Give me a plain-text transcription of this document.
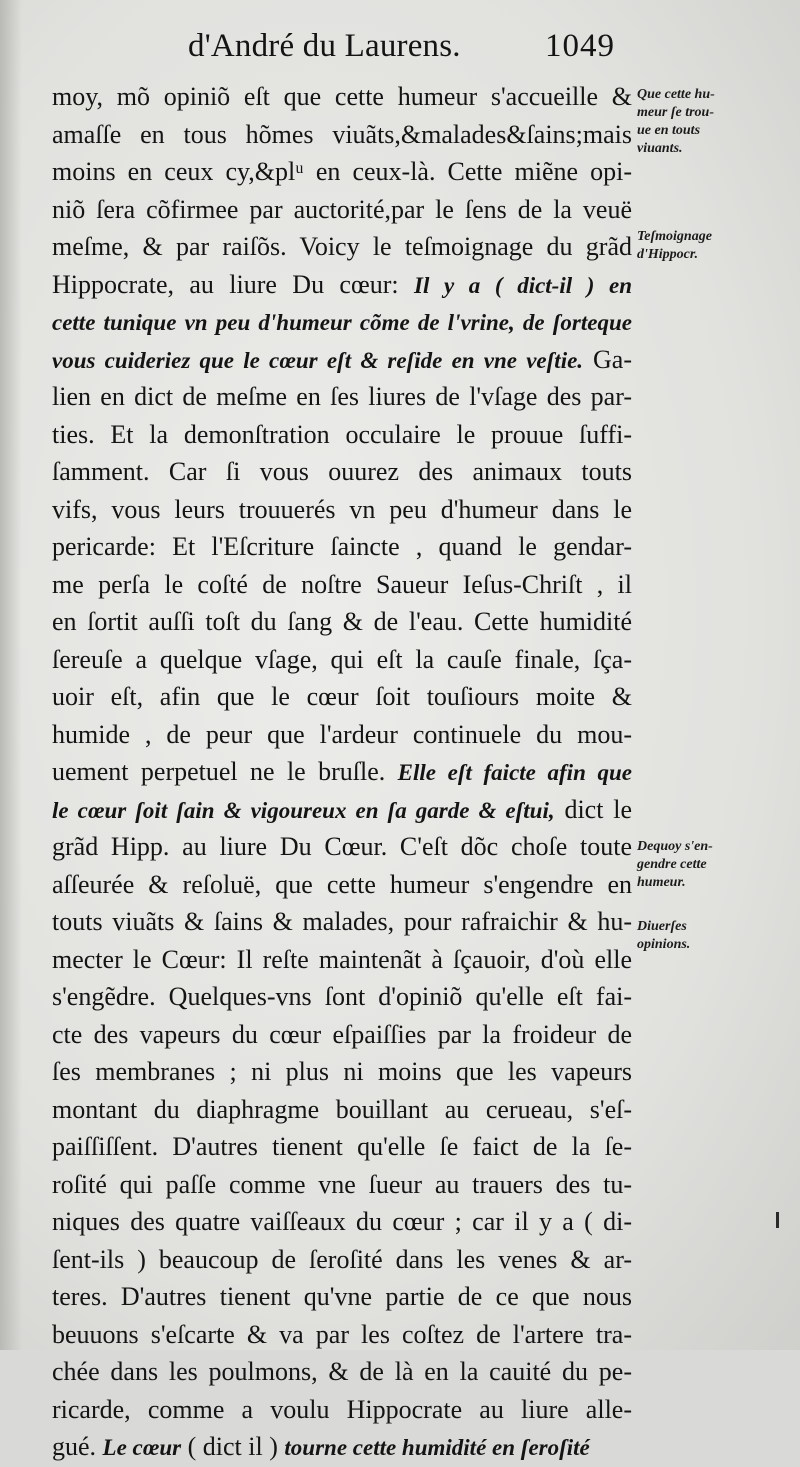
d'André du Laurens.	1049
moy, mõ opiniõ eſt que cette humeur s'accueille &
amaſſe en tous hõmes viuãts,&malades&ſains;mais
moins en ceux cy,&plᵘ en ceux-là. Cette miẽne opi-
niõ ſera cõfirmee par auctorité,par le ſens de la veuë
meſme, & par raiſõs. Voicy le teſmoignage du grãd
Hippocrate, au liure Du cœur: Il y a ( dict-il ) en
cette tunique vn peu d'humeur cõme de l'vrine, de ſorteque
vous cuideriez que le cœur eſt & reſide en vne veſtie. Ga-
lien en dict de meſme en ſes liures de l'vſage des par-
ties. Et la demonſtration occulaire le prouue ſuffi-
ſamment. Car ſi vous ouurez des animaux touts
vifs, vous leurs trouuerés vn peu d'humeur dans le
pericarde: Et l'Eſcriture ſaincte , quand le gendar-
me perſa le coſté de noſtre Saueur Ieſus-Chriſt , il
en ſortit auſſi toſt du ſang & de l'eau. Cette humidité
ſereuſe a quelque vſage, qui eſt la cauſe finale, ſça-
uoir eſt, afin que le cœur ſoit touſiours moite &
humide , de peur que l'ardeur continuele du mou-
uement perpetuel ne le bruſle. Elle eſt faicte afin que
le cœur ſoit ſain & vigoureux en ſa garde & eſtui, dict le
grãd Hipp. au liure Du Cœur. C'eſt dõc choſe toute
aſſeurée & reſoluë, que cette humeur s'engendre en
touts viuãts & ſains & malades, pour rafraichir & hu-
mecter le Cœur: Il reſte maintenãt à ſçauoir, d'où elle
s'engẽdre. Quelques-vns ſont d'opiniõ qu'elle eſt fai-
cte des vapeurs du cœur eſpaiſſies par la froideur de
ſes membranes ; ni plus ni moins que les vapeurs
montant du diaphragme bouillant au cerueau, s'eſ-
paiſſiſſent. D'autres tienent qu'elle ſe faict de la ſe-
roſité qui paſſe comme vne ſueur au trauers des tu-
niques des quatre vaiſſeaux du cœur ; car il y a ( di-
ſent-ils ) beaucoup de ſeroſité dans les venes & ar-
teres. D'autres tienent qu'vne partie de ce que nous
beuuons s'eſcarte & va par les coſtez de l'artere tra-
chée dans les poulmons, & de là en la cauité du pe-
ricarde, comme a voulu Hippocrate au liure alle-
gué. Le cœur ( dict il ) tourne cette humidité en ſeroſité
Que cette hu-
meur ſe trou-
ue en touts
viuants.
Teſmoignage
d'Hippocr.
Dequoy s'en-
gendre cette
humeur.
Diuerſes
opinions.
